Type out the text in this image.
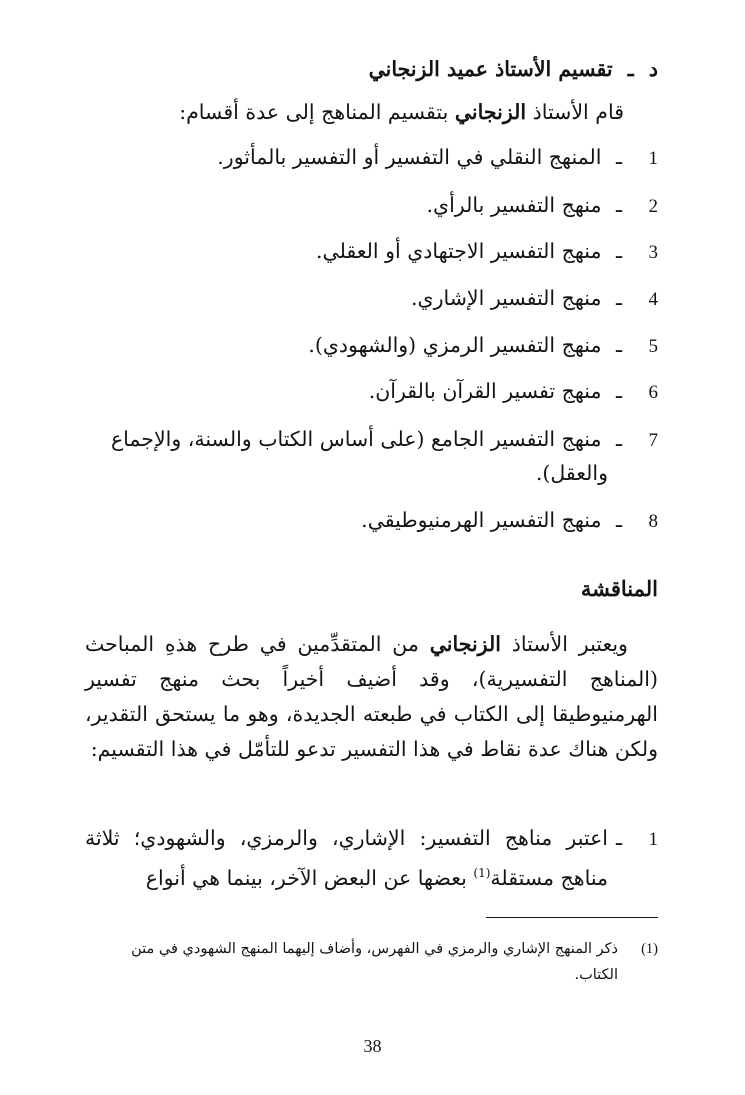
د ـ تقسيم الأستاذ عميد الزنجاني
قام الأستاذ الزنجاني بتقسيم المناهج إلى عدة أقسام:
1ـ المنهج النقلي في التفسير أو التفسير بالمأثور.
2ـ منهج التفسير بالرأي.
3ـ منهج التفسير الاجتهادي أو العقلي.
4ـ منهج التفسير الإشاري.
5ـ منهج التفسير الرمزي (والشهودي).
6ـ منهج تفسير القرآن بالقرآن.
7ـ منهج التفسير الجامع (على أساس الكتاب والسنة، والإجماع
والعقل).
8ـ منهج التفسير الهرمنيوطيقي.
المناقشة
ويعتبر الأستاذ الزنجاني من المتقدِّمين في طرح هذهِ المباحث (المناهج التفسيرية)، وقد أضيف أخيراً بحث منهج تفسير الهرمنيوطيقا إلى الكتاب في طبعته الجديدة، وهو ما يستحق التقدير، ولكن هناك عدة نقاط في هذا التفسير تدعو للتأمّل في هذا التقسيم:
1ـ
اعتبر مناهج التفسير: الإشاري، والرمزي، والشهودي؛ ثلاثة مناهج مستقلة$^{(1)}$ بعضها عن البعض الآخر، بينما هي أنواع
(1)
ذكر المنهج الإشاري والرمزي في الفهرس، وأضاف إليهما المنهج الشهودي في متن الكتاب.
38
